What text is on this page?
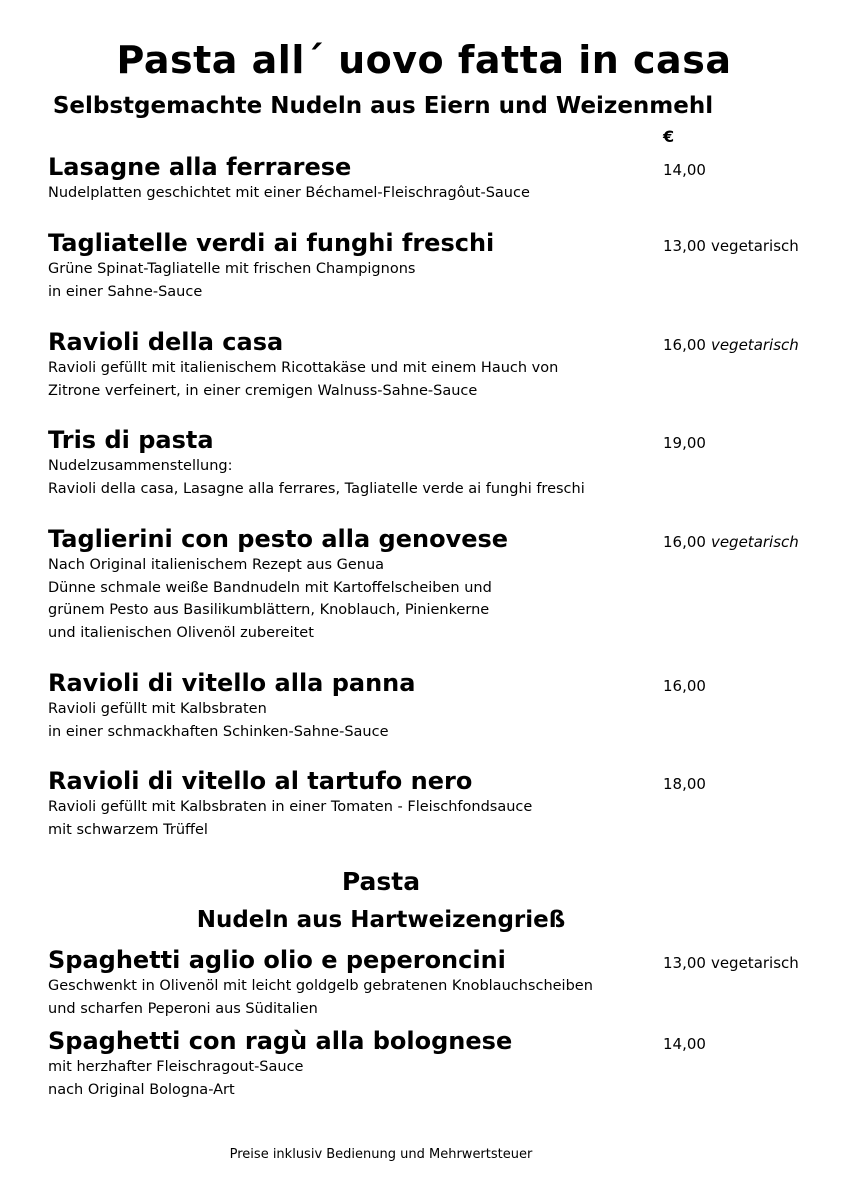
Pasta all´ uovo fatta in casa
Selbstgemachte Nudeln aus Eiern und Weizenmehl
€
Lasagne alla ferrarese
Nudelplatten geschichtet mit einer Béchamel-Fleischragôut-Sauce
14,00
Tagliatelle verdi ai funghi freschi
Grüne Spinat-Tagliatelle mit frischen Champignons
in einer Sahne-Sauce
13,00 vegetarisch
Ravioli della casa
Ravioli gefüllt mit italienischem Ricottakäse und mit einem Hauch von
Zitrone verfeinert, in einer cremigen Walnuss-Sahne-Sauce
16,00 vegetarisch
Tris di pasta
Nudelzusammenstellung:
Ravioli della casa, Lasagne alla ferrares, Tagliatelle verde ai funghi freschi
19,00
Taglierini con pesto alla genovese
Nach Original italienischem Rezept aus Genua
Dünne schmale weiße Bandnudeln mit Kartoffelscheiben und
grünem Pesto aus Basilikumblättern, Knoblauch, Pinienkerne
und italienischen Olivenöl zubereitet
16,00 vegetarisch
Ravioli di vitello alla panna
Ravioli gefüllt mit Kalbsbraten
in einer schmackhaften Schinken-Sahne-Sauce
16,00
Ravioli di vitello al tartufo nero
Ravioli gefüllt mit Kalbsbraten in einer Tomaten - Fleischfondsauce
mit schwarzem Trüffel
18,00
Pasta
Nudeln aus Hartweizengrieß
Spaghetti aglio olio e peperoncini
Geschwenkt in Olivenöl mit leicht goldgelb gebratenen Knoblauchscheiben
und scharfen Peperoni aus Süditalien
13,00 vegetarisch
Spaghetti con ragù alla bolognese
mit herzhafter Fleischragout-Sauce
nach Original Bologna-Art
14,00
Preise inklusiv Bedienung und Mehrwertsteuer
